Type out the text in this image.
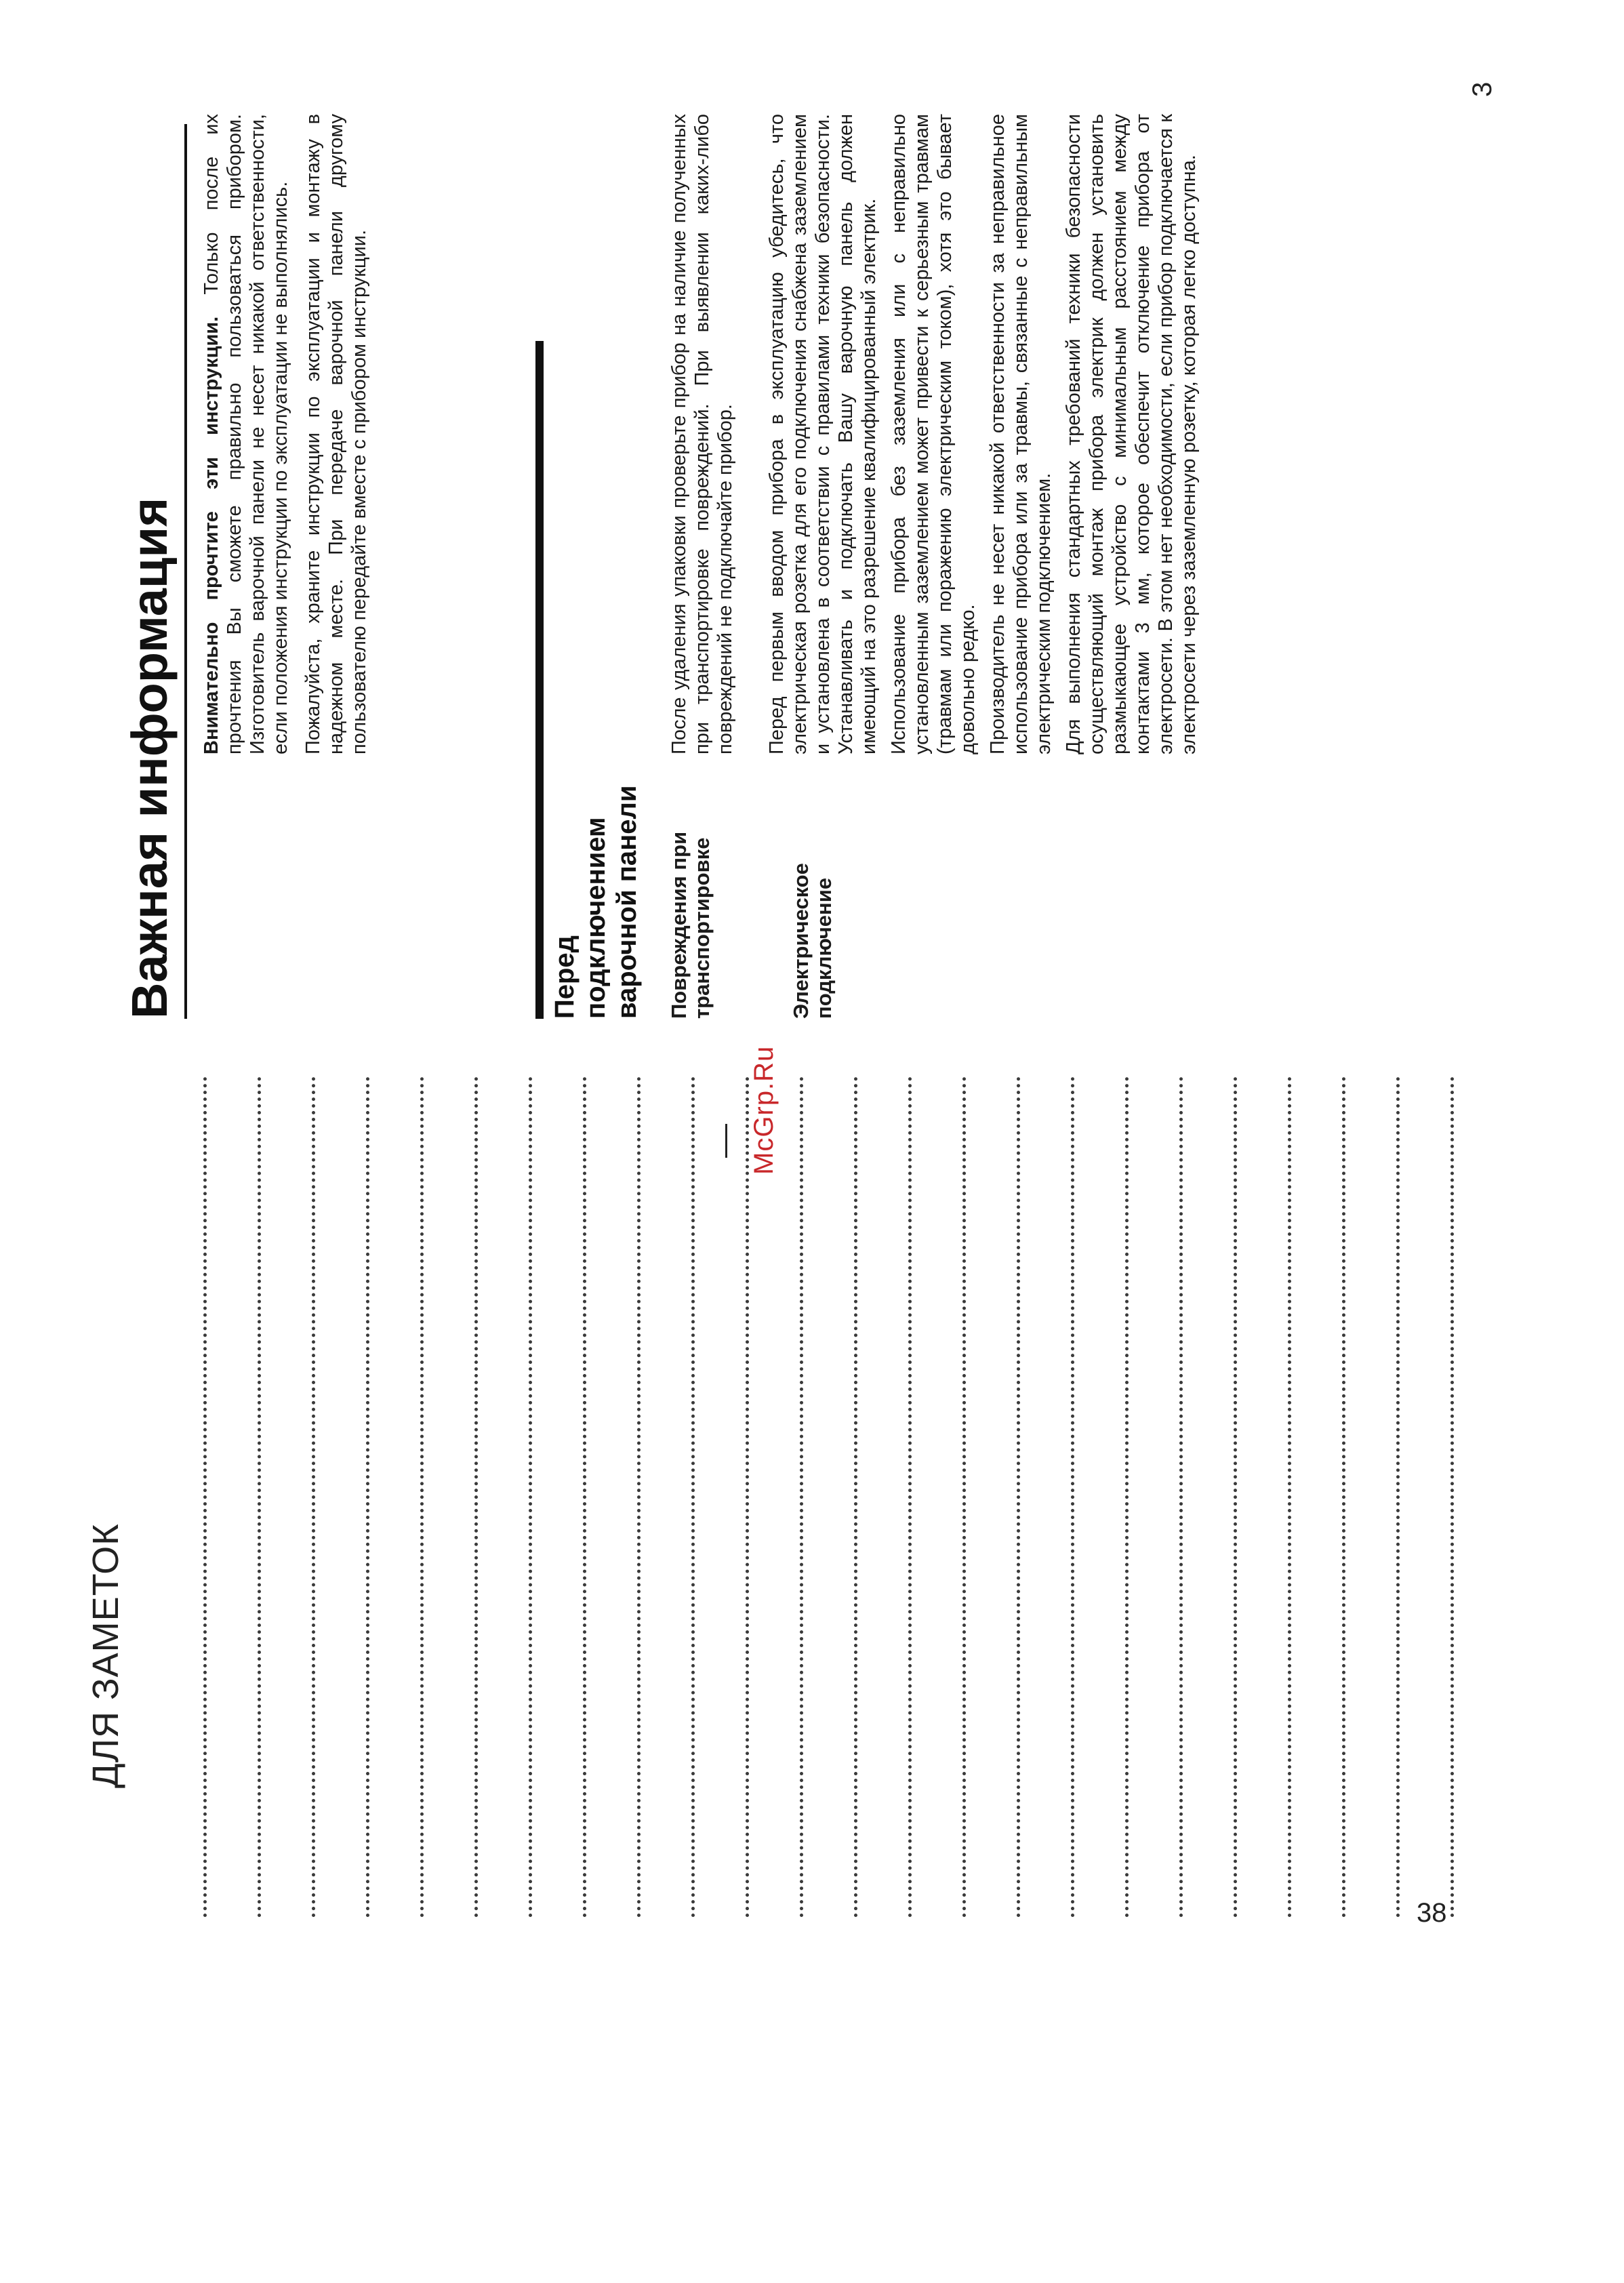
ДЛЯ ЗАМЕТОК
38
McGrp.Ru
Важная информация Внимательно прочтите эти инструкции. Только после их прочтения Вы сможете правильно пользоваться прибором. Изготовитель варочной панели не несет никакой ответственности, если положения инструкции по эксплуатации не выполнялись. Пожалуйста, храните инструкции по эксплуатации и монтажу в надежном месте. При передаче варочной панели другому пользователю передайте вместе с прибором инструкции.

Перед подключением варочной панели Повреждения при транспортировке	Электрическое подключение

После удаления упаковки проверьте прибор на наличие полученных при транспортировке повреждений. При выявлении каких-либо повреждений не подключайте прибор. Перед первым вводом прибора в эксплуатацию убедитесь, что электрическая розетка для его подключения снабжена заземлением и установлена в соответствии с правилами техники безопасности. Устанавливать и подключать Вашу варочную панель должен имеющий на это разрешение квалифицированный электрик. Использование прибора без заземления или с неправильно установленным заземлением может привести к серьезным травмам (травмам или поражению электрическим током), хотя это бывает довольно редко. Производитель не несет никакой ответственности за неправильное использование прибора или за травмы, связанные с неправильным электрическим подключением. Для выполнения стандартных требований техники безопасности осуществляющий монтаж прибора электрик должен установить размыкающее устройство с минимальным расстоянием между контактами 3 мм, которое обеспечит отключение прибора от электросети. В этом нет необходимости, если прибор подключается к электросети через заземленную розетку, которая легко доступна.

3
